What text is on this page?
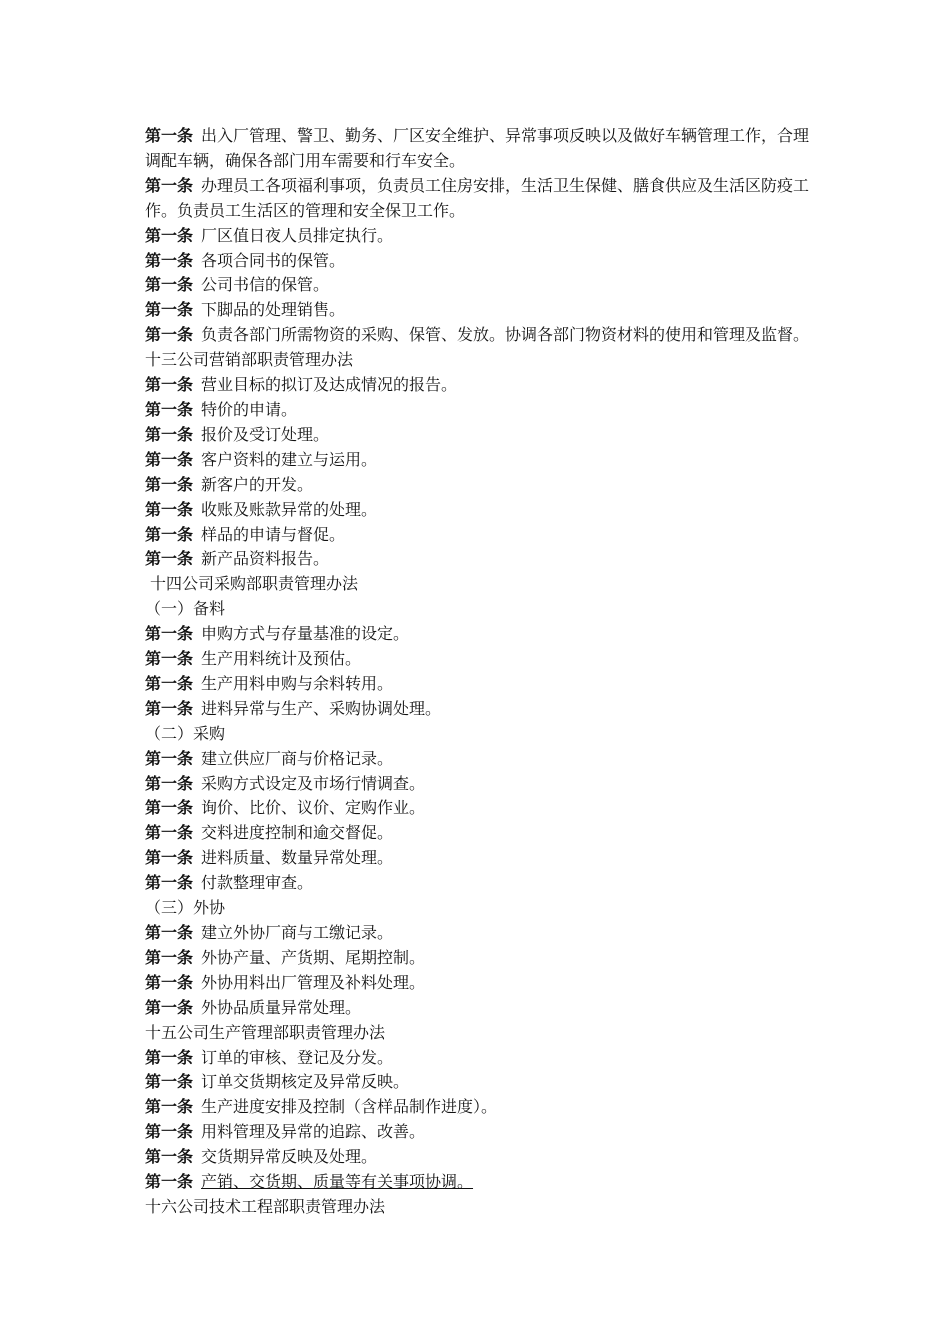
第一条 出入厂管理、警卫、勤务、厂区安全维护、异常事项反映以及做好车辆管理工作，合理调配车辆，确保各部门用车需要和行车安全。
第一条 办理员工各项福利事项，负责员工住房安排，生活卫生保健、膳食供应及生活区防疫工作。负责员工生活区的管理和安全保卫工作。
第一条 厂区值日夜人员排定执行。
第一条 各项合同书的保管。
第一条 公司书信的保管。
第一条 下脚品的处理销售。
第一条 负责各部门所需物资的采购、保管、发放。协调各部门物资材料的使用和管理及监督。
十三公司营销部职责管理办法
第一条 营业目标的拟订及达成情况的报告。
第一条 特价的申请。
第一条 报价及受订处理。
第一条 客户资料的建立与运用。
第一条 新客户的开发。
第一条 收账及账款异常的处理。
第一条 样品的申请与督促。
第一条 新产品资料报告。
十四公司采购部职责管理办法
（一）备料
第一条 申购方式与存量基准的设定。
第一条 生产用料统计及预估。
第一条 生产用料申购与余料转用。
第一条 进料异常与生产、采购协调处理。
（二）采购
第一条 建立供应厂商与价格记录。
第一条 采购方式设定及市场行情调查。
第一条 询价、比价、议价、定购作业。
第一条 交料进度控制和逾交督促。
第一条 进料质量、数量异常处理。
第一条 付款整理审查。
（三）外协
第一条 建立外协厂商与工缴记录。
第一条 外协产量、产货期、尾期控制。
第一条 外协用料出厂管理及补料处理。
第一条 外协品质量异常处理。
十五公司生产管理部职责管理办法
第一条 订单的审核、登记及分发。
第一条 订单交货期核定及异常反映。
第一条 生产进度安排及控制（含样品制作进度）。
第一条 用料管理及异常的追踪、改善。
第一条 交货期异常反映及处理。
第一条 产销、交货期、质量等有关事项协调。
十六公司技术工程部职责管理办法
